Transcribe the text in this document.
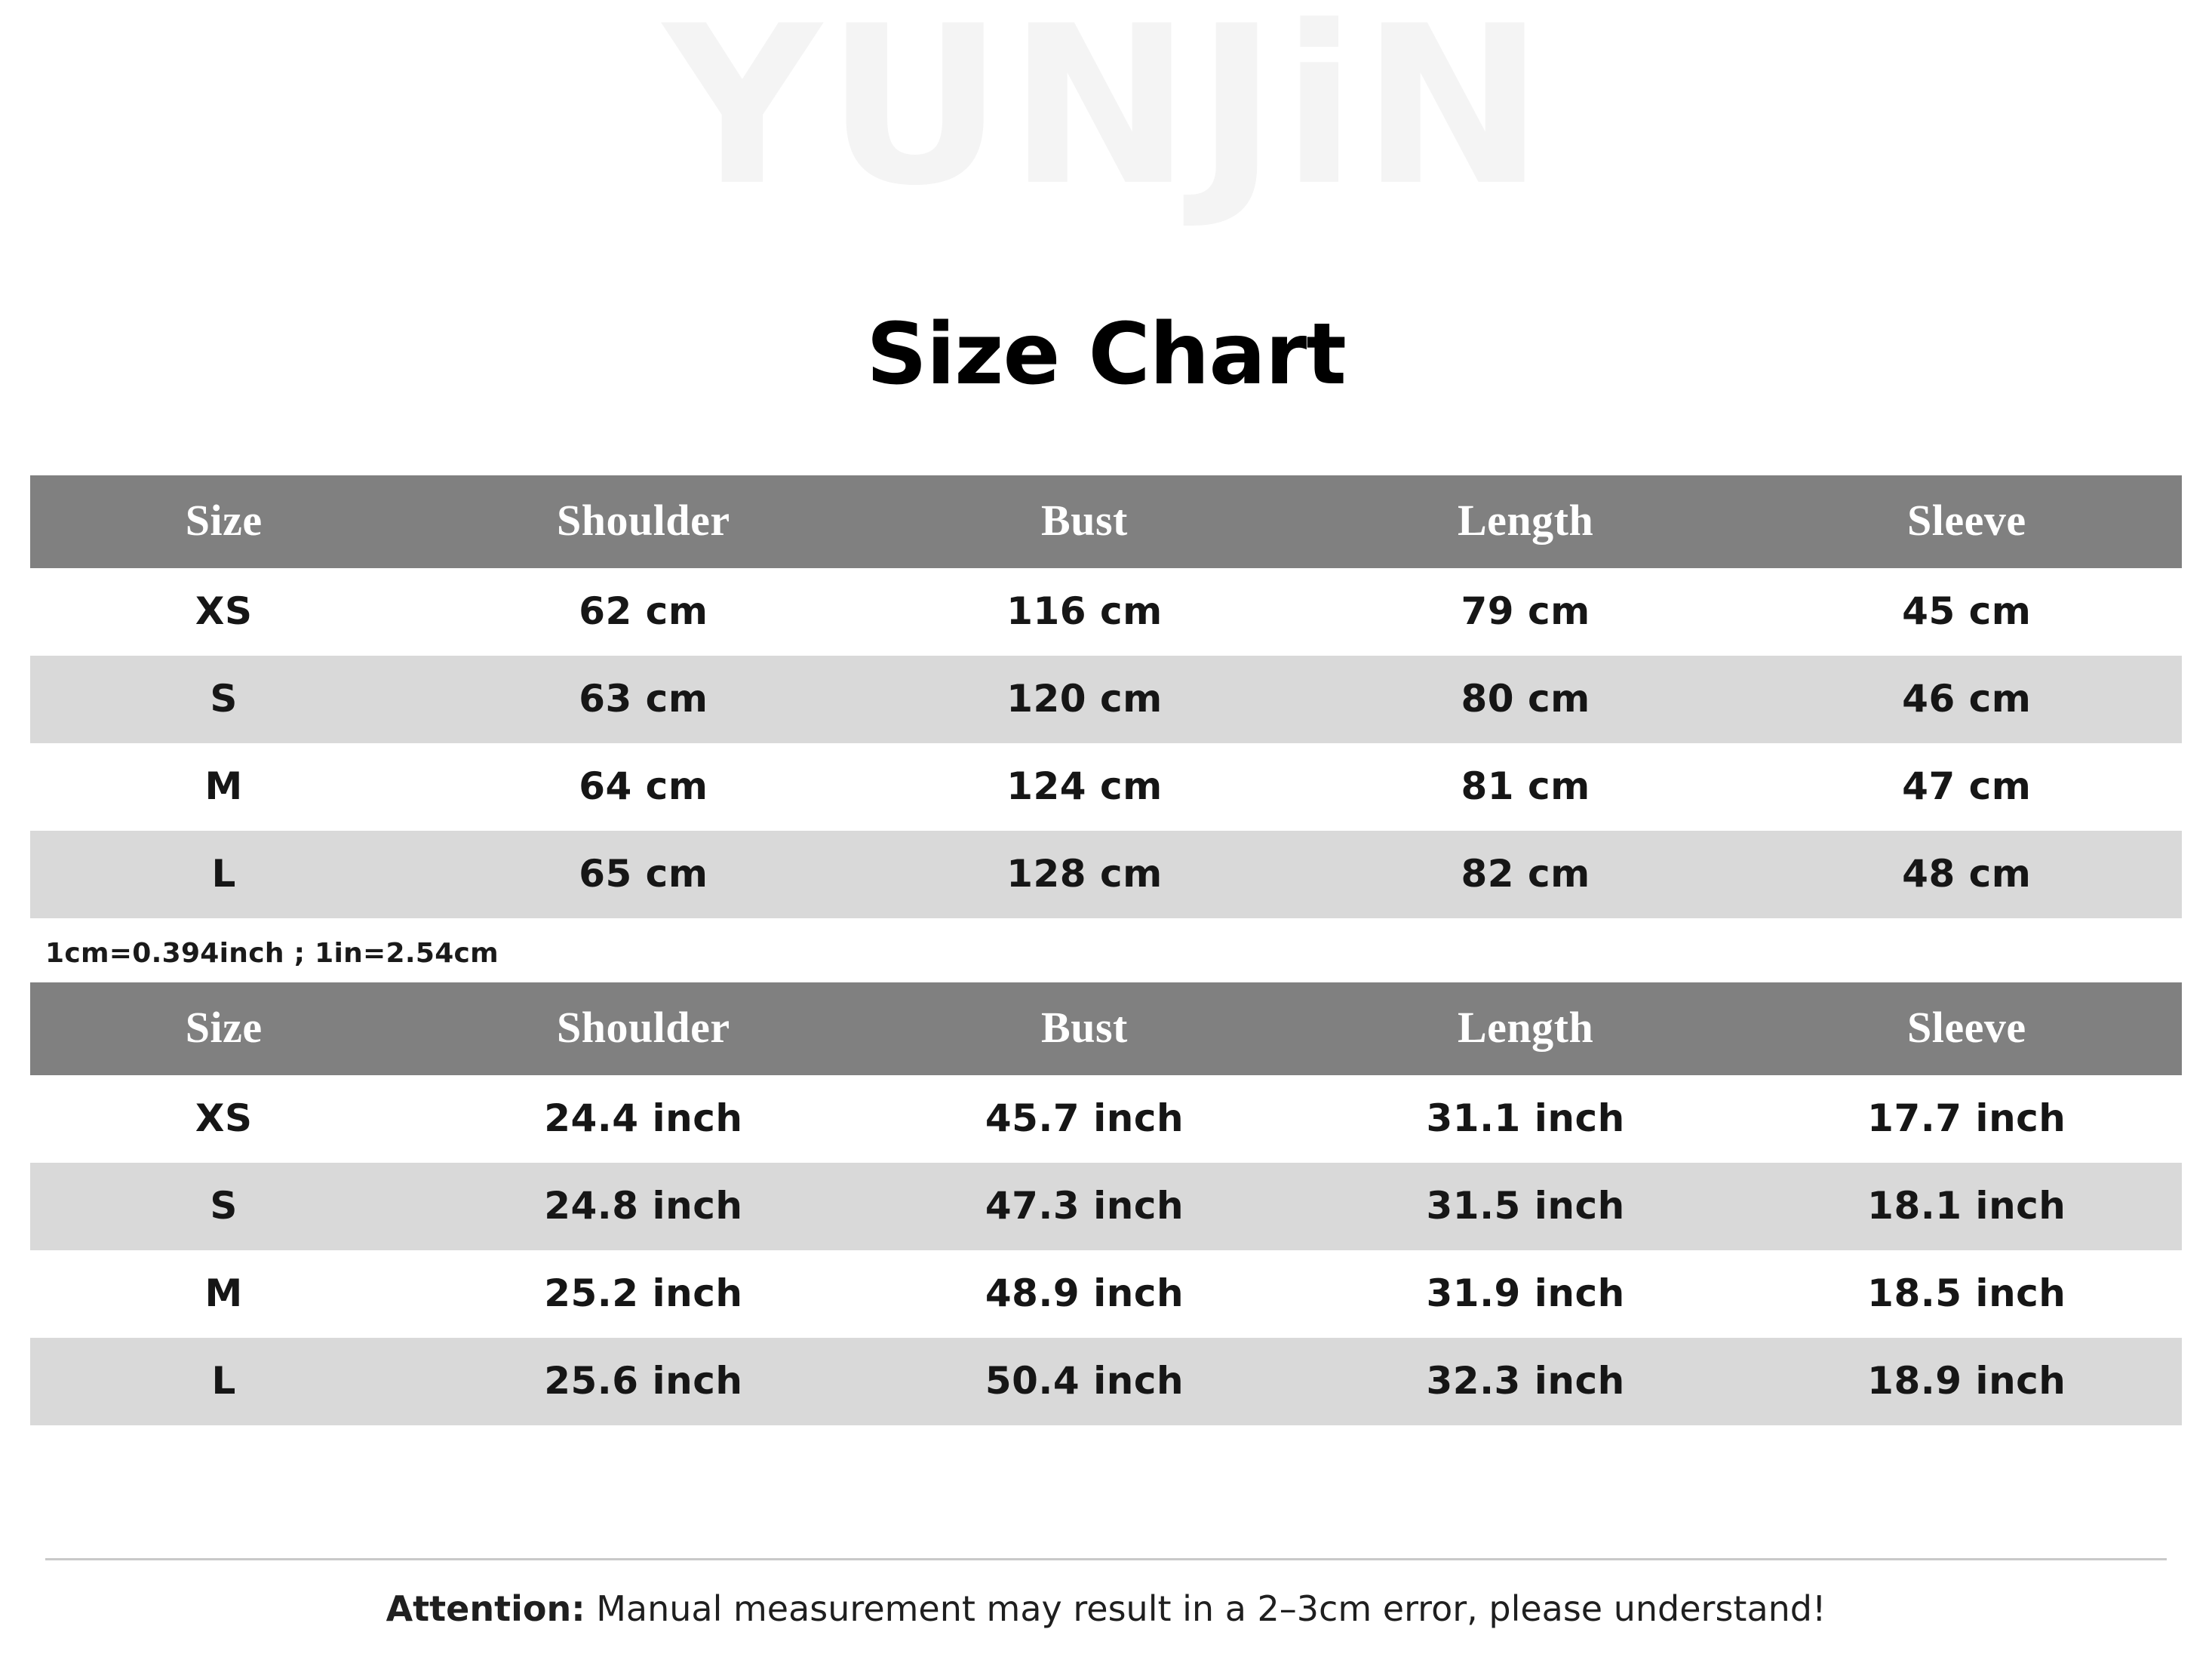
YUNJiN
Size Chart
Size	Shoulder	Bust	Length	Sleeve
XS	62 cm	116 cm	79 cm	45 cm
S	63 cm	120 cm	80 cm	46 cm
M	64 cm	124 cm	81 cm	47 cm
L	65 cm	128 cm	82 cm	48 cm
1cm=0.394inch ; 1in=2.54cm
Size	Shoulder	Bust	Length	Sleeve
XS	24.4 inch	45.7 inch	31.1 inch	17.7 inch
S	24.8 inch	47.3 inch	31.5 inch	18.1 inch
M	25.2 inch	48.9 inch	31.9 inch	18.5 inch
L	25.6 inch	50.4 inch	32.3 inch	18.9 inch
Attention: Manual measurement may result in a 2–3cm error, please understand!
